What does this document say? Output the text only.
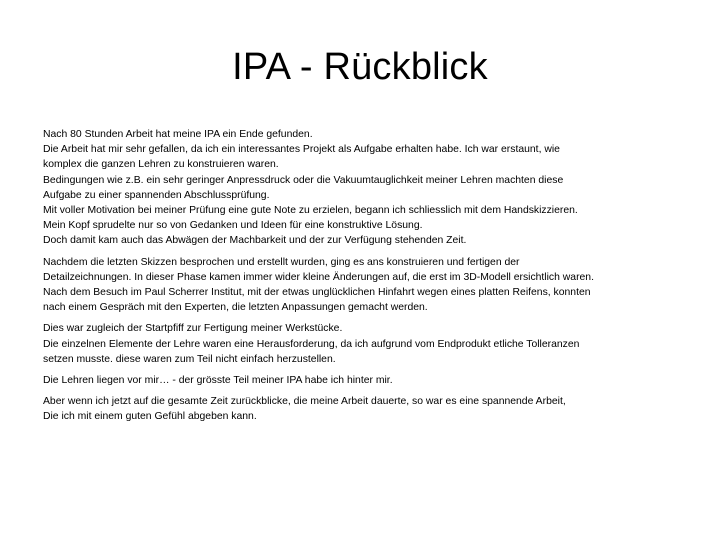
IPA - Rückblick

Nach 80 Stunden Arbeit hat meine IPA ein Ende gefunden.
Die Arbeit hat mir sehr gefallen, da ich ein interessantes Projekt als Aufgabe erhalten habe. Ich war erstaunt, wie
komplex die ganzen Lehren zu konstruieren waren.
Bedingungen wie z.B. ein sehr geringer Anpressdruck oder die Vakuumtauglichkeit meiner Lehren machten diese
Aufgabe zu einer spannenden Abschlussprüfung.
Mit voller Motivation bei meiner Prüfung eine gute Note zu erzielen, begann ich schliesslich mit dem Handskizzieren.
Mein Kopf sprudelte nur so von Gedanken und Ideen für eine konstruktive Lösung.
Doch damit kam auch das Abwägen der Machbarkeit und der zur Verfügung stehenden Zeit.

Nachdem die letzten Skizzen besprochen und erstellt wurden, ging es ans konstruieren und fertigen der
Detailzeichnungen. In dieser Phase kamen immer wider kleine Änderungen auf, die erst im 3D-Modell ersichtlich waren.
Nach dem Besuch im Paul Scherrer Institut, mit der etwas unglücklichen Hinfahrt wegen eines platten Reifens, konnten
nach einem Gespräch mit den Experten, die letzten Anpassungen gemacht werden.

Dies war zugleich der Startpfiff zur Fertigung meiner Werkstücke.
Die einzelnen Elemente der Lehre waren eine Herausforderung, da ich aufgrund vom Endprodukt etliche Tolleranzen
setzen musste. diese waren zum Teil nicht einfach herzustellen.

Die Lehren liegen vor mir… - der grösste Teil meiner IPA habe ich hinter mir.

Aber wenn ich jetzt auf die gesamte Zeit zurückblicke, die meine Arbeit dauerte, so war es eine spannende Arbeit,
Die ich mit einem guten Gefühl abgeben kann.
